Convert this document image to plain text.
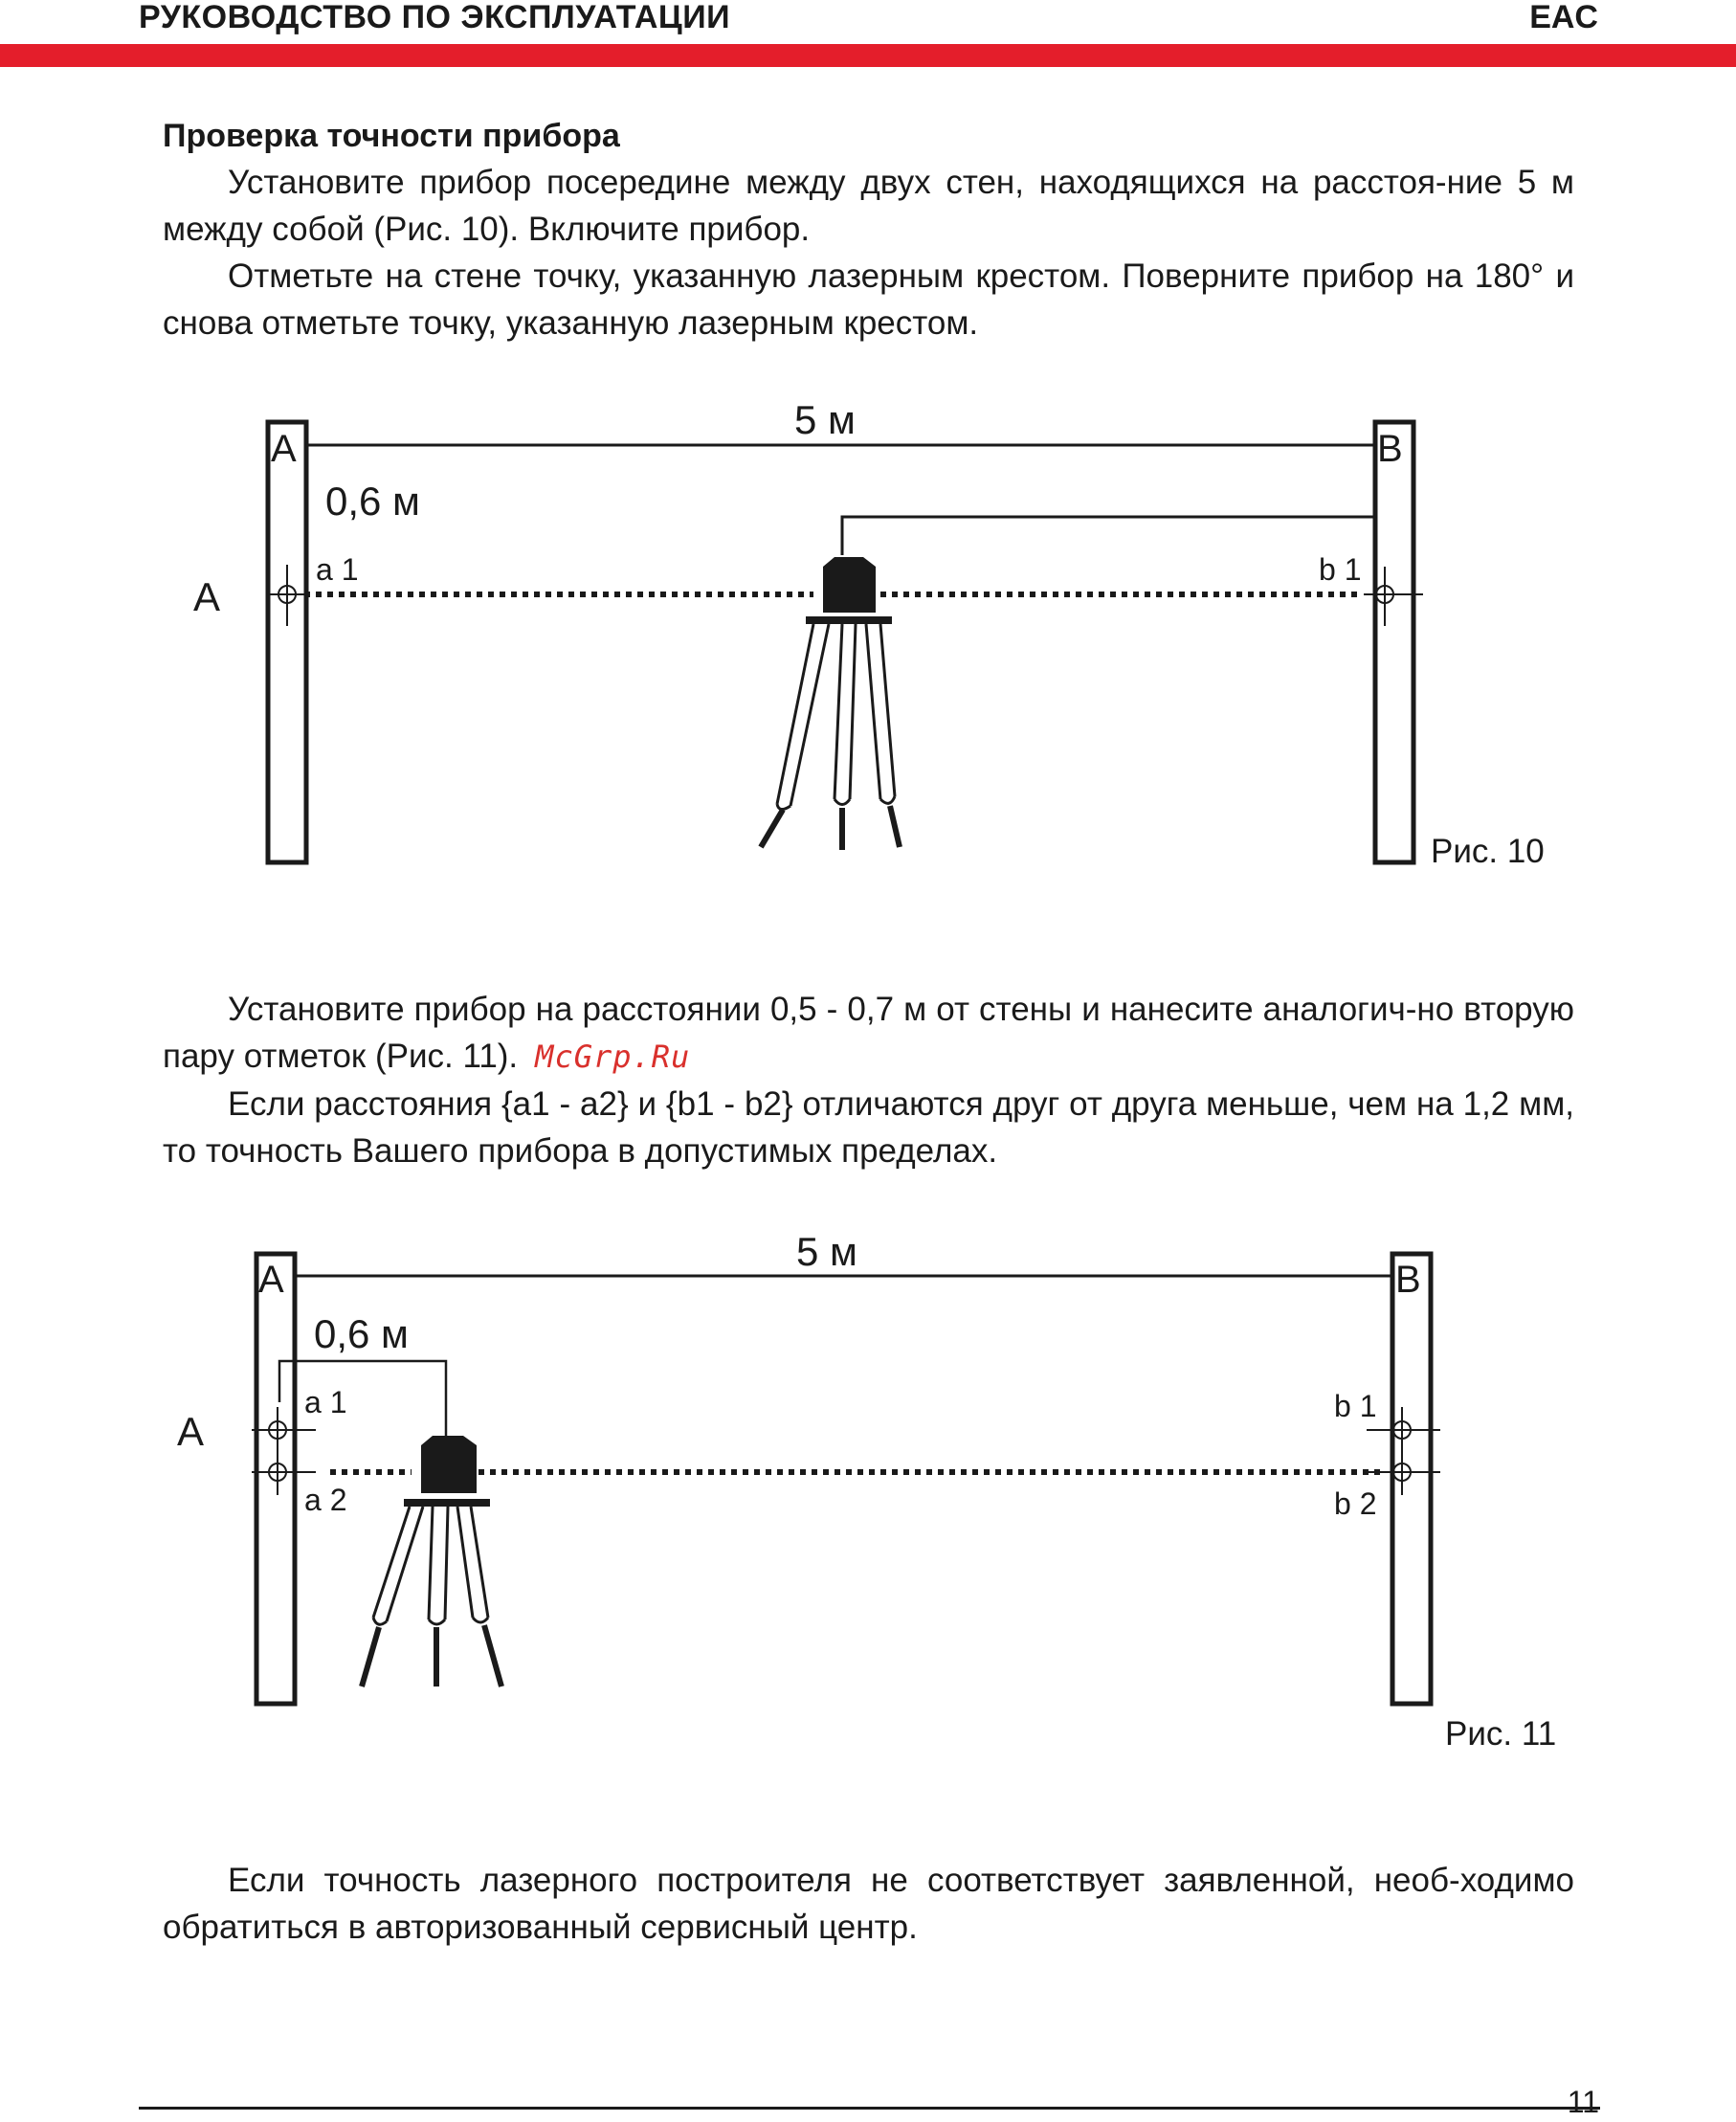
РУКОВОДСТВО ПО ЭКСПЛУАТАЦИИ	EAC
Проверка точности прибора

Установите прибор посередине между двух стен, находящихся на расстоя-ние 5 м между собой (Рис. 10). Включите прибор.

Отметьте на стене точку, указанную лазерным крестом. Поверните прибор на 180° и снова отметьте точку, указанную лазерным крестом.

A	B
5 м
0,6 м
A
a 1	b 1
A	B
5 м
0,6 м
A
a 1
a 2
b 1
b 2
Рис. 10

Установите прибор на расстоянии 0,5 - 0,7 м от стены и нанесите аналогич-но вторую пару отметок (Рис. 11). McGrp.Ru

Если расстояния {a1 - a2} и {b1 - b2} отличаются друг от друга меньше, чем на 1,2 мм, то точность Вашего прибора в допустимых пределах.

Рис. 11

Если точность лазерного построителя не соответствует заявленной, необ-ходимо обратиться в авторизованный сервисный центр.

11
